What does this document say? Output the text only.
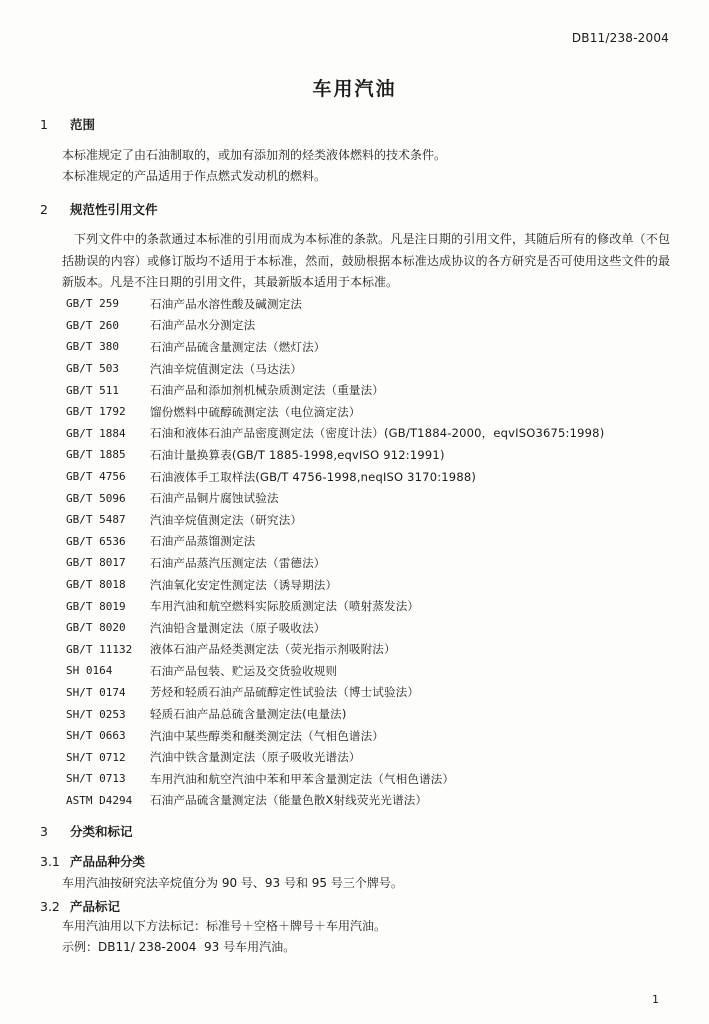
DB11/238-2004
车用汽油
1 范围
本标准规定了由石油制取的，或加有添加剂的烃类液体燃料的技术条件。
本标准规定的产品适用于作点燃式发动机的燃料。
2 规范性引用文件
下列文件中的条款通过本标准的引用而成为本标准的条款。凡是注日期的引用文件，其随后所有的修改单（不包括勘误的内容）或修订版均不适用于本标准，然而，鼓励根据本标准达成协议的各方研究是否可使用这些文件的最新版本。凡是不注日期的引用文件，其最新版本适用于本标准。
GB/T 259	石油产品水溶性酸及碱测定法
GB/T 260	石油产品水分测定法
GB/T 380	石油产品硫含量测定法（燃灯法）
GB/T 503	汽油辛烷值测定法（马达法）
GB/T 511	石油产品和添加剂机械杂质测定法（重量法）
GB/T 1792	馏份燃料中硫醇硫测定法（电位滴定法）
GB/T 1884	石油和液体石油产品密度测定法（密度计法）(GB/T1884-2000，eqvISO3675:1998)
GB/T 1885	石油计量换算表(GB/T 1885-1998,eqvISO 912:1991)
GB/T 4756	石油液体手工取样法(GB/T 4756-1998,neqISO 3170:1988)
GB/T 5096	石油产品铜片腐蚀试验法
GB/T 5487	汽油辛烷值测定法（研究法）
GB/T 6536	石油产品蒸馏测定法
GB/T 8017	石油产品蒸汽压测定法（雷德法）
GB/T 8018	汽油氧化安定性测定法（诱导期法）
GB/T 8019	车用汽油和航空燃料实际胶质测定法（喷射蒸发法）
GB/T 8020	汽油铅含量测定法（原子吸收法）
GB/T 11132	液体石油产品烃类测定法（荧光指示剂吸附法）
SH 0164	石油产品包装、贮运及交货验收规则
SH/T 0174	芳烃和轻质石油产品硫醇定性试验法（博士试验法）
SH/T 0253	轻质石油产品总硫含量测定法(电量法)
SH/T 0663	汽油中某些醇类和醚类测定法（气相色谱法）
SH/T 0712	汽油中铁含量测定法（原子吸收光谱法）
SH/T 0713	车用汽油和航空汽油中苯和甲苯含量测定法（气相色谱法）
ASTM D4294	石油产品硫含量测定法（能量色散X射线荧光光谱法）
3 分类和标记
3.1 产品品种分类
车用汽油按研究法辛烷值分为 90 号、93 号和 95 号三个牌号。
3.2 产品标记
车用汽油用以下方法标记：标准号＋空格＋牌号＋车用汽油。
示例：DB11/ 238-2004  93 号车用汽油。
1
